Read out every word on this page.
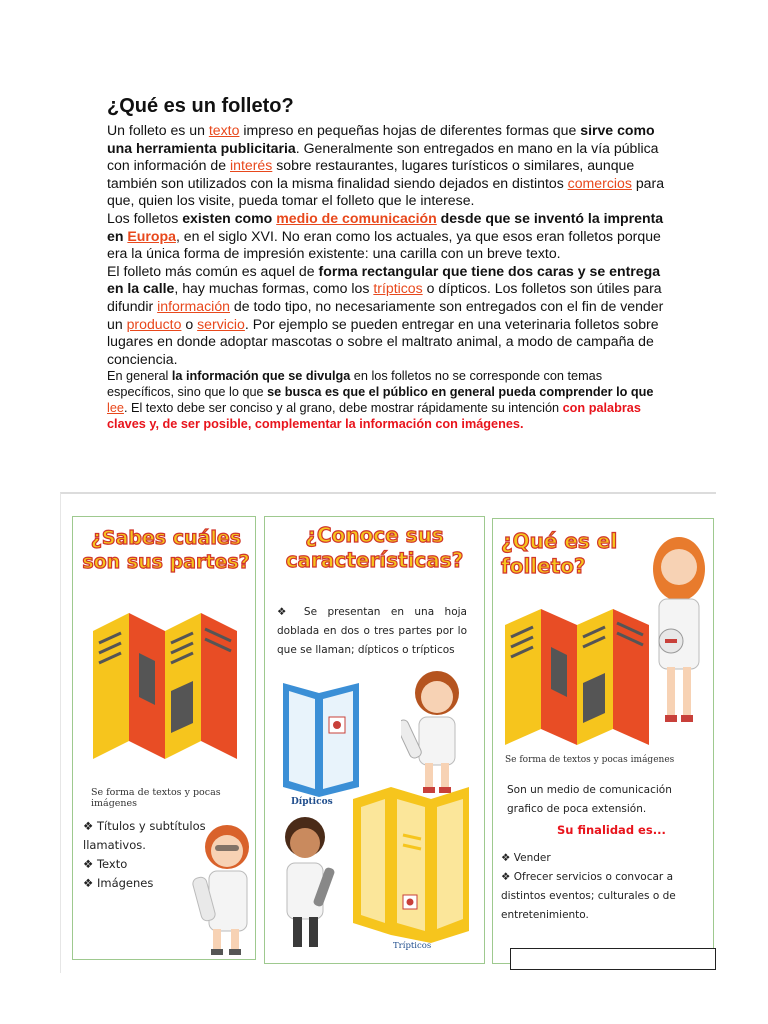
¿Qué es un folleto?

Un folleto es un texto impreso en pequeñas hojas de diferentes formas que sirve como una herramienta publicitaria. Generalmente son entregados en mano en la vía pública con información de interés sobre restaurantes, lugares turísticos o similares, aunque también son utilizados con la misma finalidad siendo dejados en distintos comercios para que, quien los visite, pueda tomar el folleto que le interese.

Los folletos existen como medio de comunicación desde que se inventó la imprenta en Europa, en el siglo XVI. No eran como los actuales, ya que esos eran folletos porque era la única forma de impresión existente: una carilla con un breve texto.

El folleto más común es aquel de forma rectangular que tiene dos caras y se entrega en la calle, hay muchas formas, como los trípticos o dípticos. Los folletos son útiles para difundir información de todo tipo, no necesariamente son entregados con el fin de vender un producto o servicio. Por ejemplo se pueden entregar en una veterinaria folletos sobre lugares en donde adoptar mascotas o sobre el maltrato animal, a modo de campaña de conciencia.

En general la información que se divulga en los folletos no se corresponde con temas específicos, sino que lo que se busca es que el público en general pueda comprender lo que lee. El texto debe ser conciso y al grano, debe mostrar rápidamente su intención con palabras claves y, de ser posible, complementar la información con imágenes.

¿Sabes cuáles son sus partes?
Se forma de textos y pocas imágenes
❖ Títulos y subtítulos llamativos.
❖ Texto
❖ Imágenes
¿Conoce sus características?
❖ Se presentan en una hoja doblada en dos o tres partes por lo que se llaman; dípticos o trípticos
Dípticos
Trípticos
¿Qué es el folleto?
Se forma de textos y pocas imágenes
Son un medio de comunicación grafico de poca extensión.
Su finalidad es...
❖ Vender
❖ Ofrecer servicios o convocar a distintos eventos; culturales o de entretenimiento.
